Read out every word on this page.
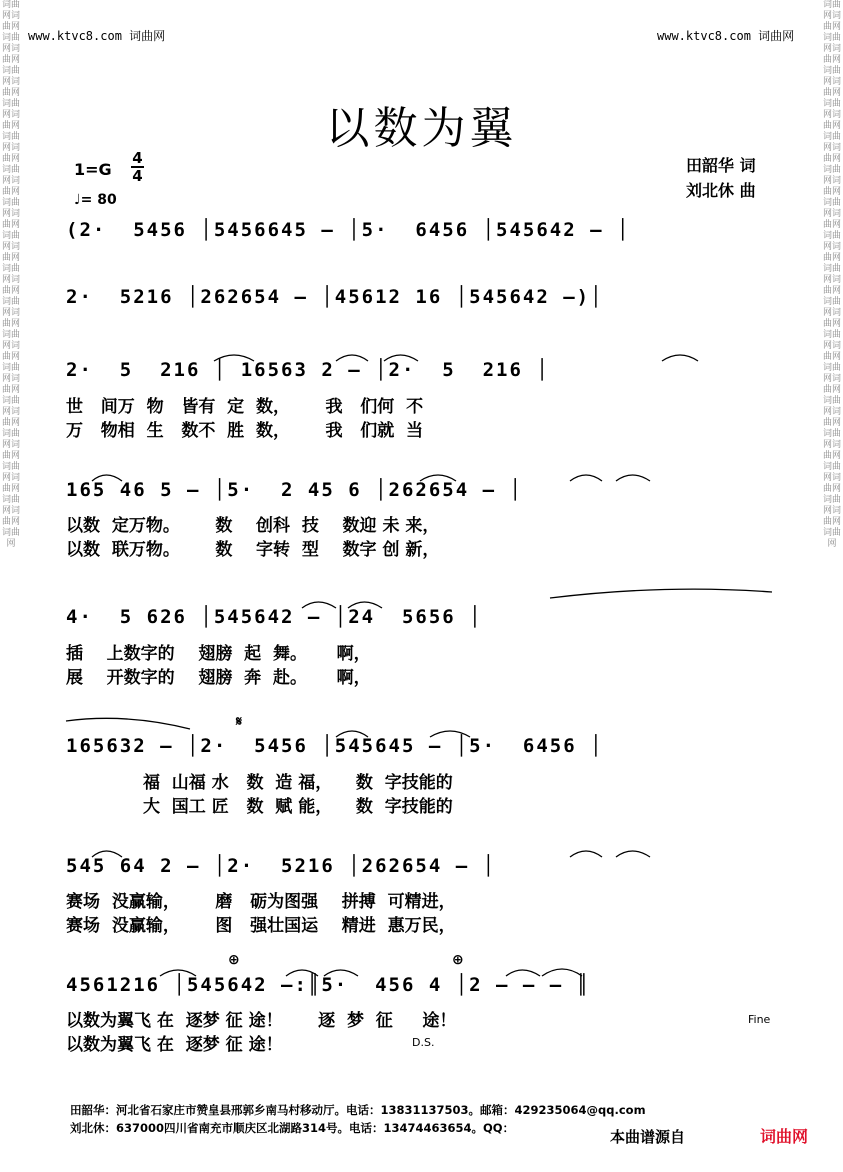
词曲网词曲网词曲网词曲网词曲网词曲网词曲网词曲网词曲网词曲网词曲网词曲网词曲网词曲网词曲网词曲网词曲网词曲网词曲网词曲网词曲网词曲网词曲网词曲网词曲网词曲网词曲网词曲网词曲网词曲网词曲网词曲网词曲网
词曲网词曲网词曲网词曲网词曲网词曲网词曲网词曲网词曲网词曲网词曲网词曲网词曲网词曲网词曲网词曲网词曲网词曲网词曲网词曲网词曲网词曲网词曲网词曲网词曲网词曲网词曲网词曲网词曲网词曲网词曲网词曲网词曲网
www.ktvc8.com 词曲网	www.ktvc8.com 词曲网
以数为翼
1=G
4
4
♩= 80
田韶华 词
刘北休 曲
(2·  5456 │5456645 – │5·  6456 │545642 – │
2·  5216 │262654 – │45612 16 │545642 –)│
2·  5  216 │ 16563 2 – │2·  5  216 │
世   间万  物   皆有  定  数，      我   们何  不
万   物相  生   数不  胜  数，      我   们就  当
165 46 5 – │5·  2 45 6 │262654 – │
以数  定万物。      数    创科  技    数迎 未 来，
以数  联万物。      数    字转  型    数字 创 新，
4·  5 626 │545642 – │24  5656 │
插    上数字的    翅膀  起  舞。     啊，
展    开数字的    翅膀  奔  赴。     啊，
𝄋
165632 – │2·  5456 │545645 – │5·  6456 │
福  山福 水   数  造 福，    数  字技能的
大  国工 匠   数  赋 能，    数  字技能的
545 64 2 – │2·  5216 │262654 – │
赛场  没赢输，      磨   砺为图强    拼搏  可精进，
赛场  没赢输，      图   强壮国运    精进  惠万民，
⊕	⊕
4561216 │545642 –:║5·  456 4 │2 – – – ║
以数为翼飞 在  逐梦 征 途！      逐  梦  征     途！
以数为翼飞 在  逐梦 征 途！	D.S.
Fine
田韶华：河北省石家庄市赞皇县邢郭乡南马村移动厅。电话：13831137503。邮箱：429235064@qq.com
刘北休：637000四川省南充市顺庆区北湖路314号。电话：13474463654。QQ：	本曲谱源自	词曲网
